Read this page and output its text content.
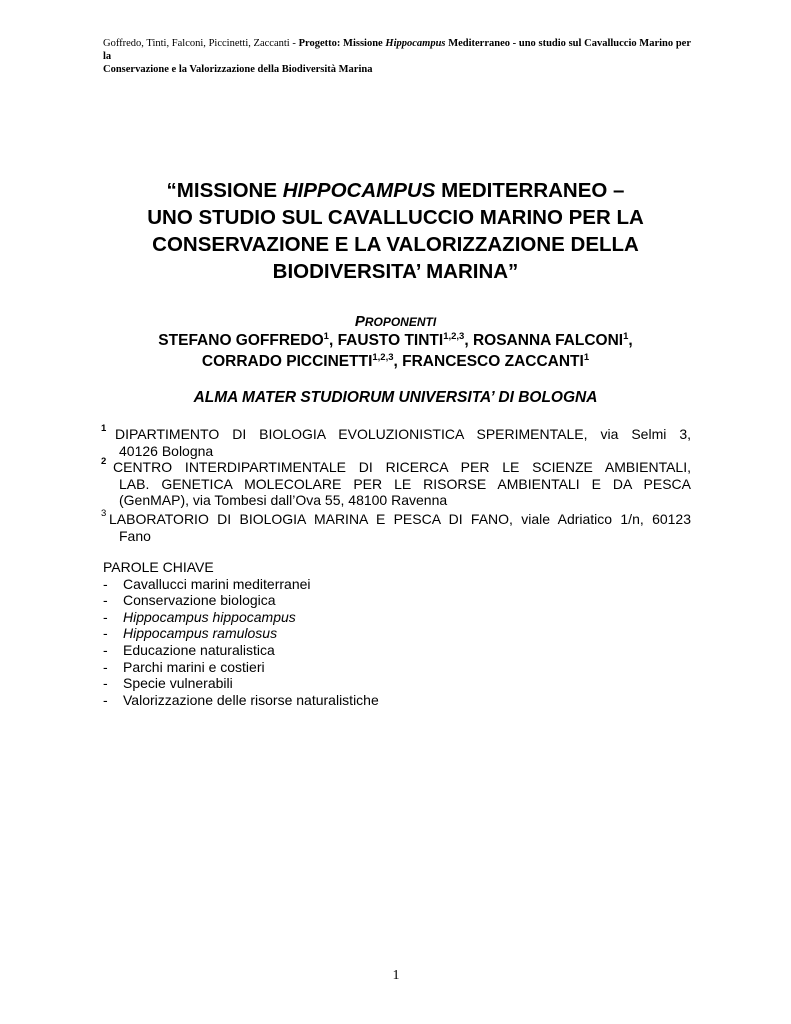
Goffredo, Tinti, Falconi, Piccinetti, Zaccanti - Progetto: Missione Hippocampus Mediterraneo - uno studio sul Cavalluccio Marino per la
Conservazione e la Valorizzazione della Biodiversità Marina
“MISSIONE HIPPOCAMPUS MEDITERRANEO –
UNO STUDIO SUL CAVALLUCCIO MARINO PER LA
CONSERVAZIONE E LA VALORIZZAZIONE DELLA
BIODIVERSITA’ MARINA”
PROPONENTI
STEFANO GOFFREDO$^1$, FAUSTO TINTI$^{1,2,3}$, ROSANNA FALCONI$^1$,
CORRADO PICCINETTI$^{1,2,3}$, FRANCESCO ZACCANTI$^1$
ALMA MATER STUDIORUM UNIVERSITA’ DI BOLOGNA
1 DIPARTIMENTO DI BIOLOGIA EVOLUZIONISTICA SPERIMENTALE, via Selmi 3,
40126 Bologna
2 CENTRO INTERDIPARTIMENTALE DI RICERCA PER LE SCIENZE AMBIENTALI,
LAB. GENETICA MOLECOLARE PER LE RISORSE AMBIENTALI E DA PESCA
(GenMAP), via Tombesi dall’Ova 55, 48100 Ravenna
3 LABORATORIO DI BIOLOGIA MARINA E PESCA DI FANO, viale Adriatico 1/n, 60123
Fano
PAROLE CHIAVE
- Cavallucci marini mediterranei
- Conservazione biologica
- Hippocampus hippocampus
- Hippocampus ramulosus
- Educazione naturalistica
- Parchi marini e costieri
- Specie vulnerabili
- Valorizzazione delle risorse naturalistiche
1
